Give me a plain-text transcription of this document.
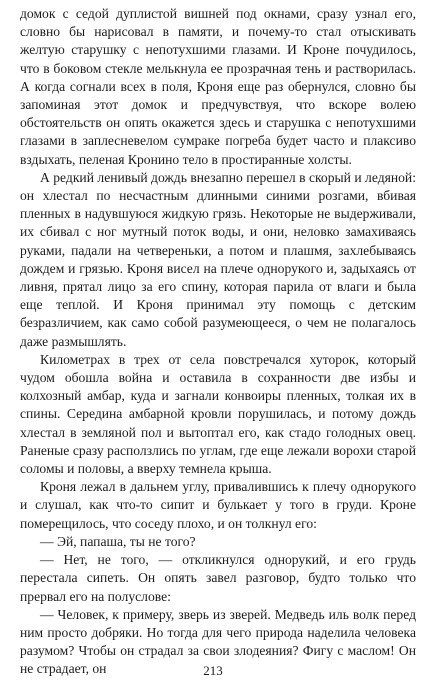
домок с седой дуплистой вишней под окнами, сразу узнал его, словно бы нарисовал в памяти, и почему-то стал отыскивать желтую старушку с непотухшими глазами. И Кроне почудилось, что в боковом стекле мелькнула ее прозрачная тень и растворилась. А когда согнали всех в поля, Кроня еще раз обернулся, словно бы запоминая этот домок и предчувствуя, что вскоре волею обстоятельств он опять окажется здесь и старушка с непотухшими глазами в заплесневелом сумраке погреба будет часто и плаксиво вздыхать, пеленая Кронино тело в простиранные холсты.

А редкий ленивый дождь внезапно перешел в скорый и ледяной: он хлестал по несчастным длинными синими розгами, вбивая пленных в надувшуюся жидкую грязь. Некоторые не выдерживали, их сбивал с ног мутный поток воды, и они, неловко замахиваясь руками, падали на четвереньки, а потом и плашмя, захлебываясь дождем и грязью. Кроня висел на плече однорукого и, задыхаясь от ливня, прятал лицо за его спину, которая парила от влаги и была еще теплой. И Кроня принимал эту помощь с детским безразличием, как само собой разумеющееся, о чем не полагалось даже размышлять.

Километрах в трех от села повстречался хуторок, который чудом обошла война и оставила в сохранности две избы и колхозный амбар, куда и загнали конвоиры пленных, толкая их в спины. Середина амбарной кровли порушилась, и потому дождь хлестал в земляной пол и вытоптал его, как стадо голодных овец. Раненые сразу расползлись по углам, где еще лежали ворохи старой соломы и половы, а вверху темнела крыша.

Кроня лежал в дальнем углу, привалившись к плечу однорукого и слушал, как что-то сипит и булькает у того в груди. Кроне померещилось, что соседу плохо, и он толкнул его:

— Эй, папаша, ты не того?

— Нет, не того, — откликнулся однорукий, и его грудь перестала сипеть. Он опять завел разговор, будто только что прервал его на полуслове:

— Человек, к примеру, зверь из зверей. Медведь иль волк перед ним просто добряки. Но тогда для чего природа наделила человека разумом? Чтобы он страдал за свои злодеяния? Фигу с маслом! Он не страдает, он	213
